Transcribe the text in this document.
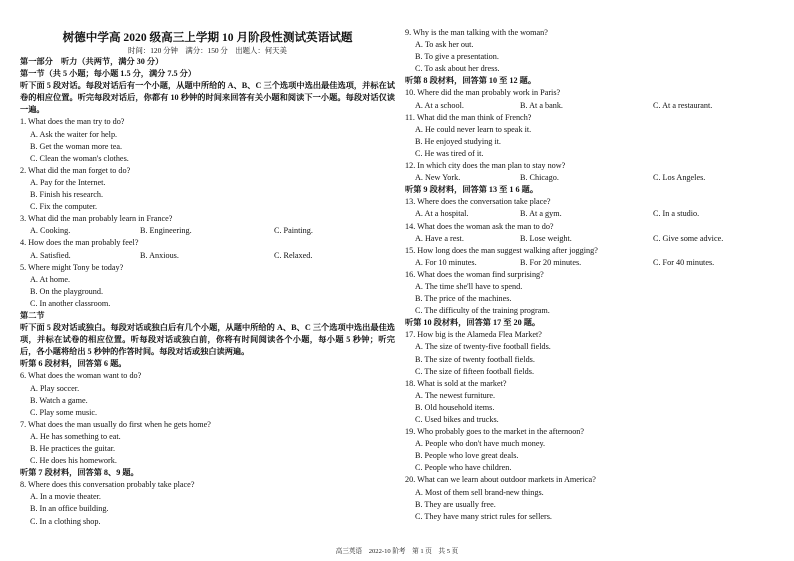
树德中学高 2020 级高三上学期 10 月阶段性测试英语试题
时间：120 分钟　满分：150 分　出题人：何天美
第一部分　听力（共两节，满分 30 分）
第一节（共 5 小题；每小题 1.5 分，满分 7.5 分）
听下面 5 段对话。每段对话后有一个小题，从题中所给的 A、B、C 三个选项中选出最佳选项，并标在试卷的相应位置。听完每段对话后，你都有 10 秒钟的时间来回答有关小题和阅读下一小题。每段对话仅读一遍。
1. What does the man try to do?
A. Ask the waiter for help.
B. Get the woman more tea.
C. Clean the woman's clothes.
2. What did the man forget to do?
A. Pay for the Internet.
B. Finish his research.
C. Fix the computer.
3. What did the man probably learn in France?
A. Cooking.	B. Engineering.	C. Painting.
4. How does the man probably feel?
A. Satisfied.	B. Anxious.	C. Relaxed.
5. Where might Tony be today?
A. At home.
B. On the playground.
C. In another classroom.
第二节
听下面 5 段对话或独白。每段对话或独白后有几个小题，从题中所给的 A、B、C 三个选项中选出最佳选项，并标在试卷的相应位置。听每段对话或独白前，你将有时间阅读各个小题，每小题 5 秒钟；听完后，各小题将给出 5 秒钟的作答时间。每段对话或独白读两遍。
听第 6 段材料，回答第 6 题。
6. What does the woman want to do?
A. Play soccer.
B. Watch a game.
C. Play some music.
7. What does the man usually do first when he gets home?
A. He has something to eat.
B. He practices the guitar.
C. He does his homework.
听第 7 段材料，回答第 8、9 题。
8. Where does this conversation probably take place?
A. In a movie theater.
B. In an office building.
C. In a clothing shop.
9. Why is the man talking with the woman?
A. To ask her out.
B. To give a presentation.
C. To ask about her dress.
听第 8 段材料，回答第 10 至 12 题。
10. Where did the man probably work in Paris?
A. At a school.	B. At a bank.	C. At a restaurant.
11. What did the man think of French?
A. He could never learn to speak it.
B. He enjoyed studying it.
C. He was tired of it.
12. In which city does the man plan to stay now?
A. New York.	B. Chicago.	C. Los Angeles.
听第 9 段材料，回答第 13 至 1 6 题。
13. Where does the conversation take place?
A. At a hospital.	B. At a gym.	C. In a studio.
14. What does the woman ask the man to do?
A. Have a rest.	B. Lose weight.	C. Give some advice.
15. How long does the man suggest walking after jogging?
A. For 10 minutes.	B. For 20 minutes.	C. For 40 minutes.
16. What does the woman find surprising?
A. The time she'll have to spend.
B. The price of the machines.
C. The difficulty of the training program.
听第 10 段材料，回答第 17 至 20 题。
17. How big is the Alameda Flea Market?
A. The size of twenty-five football fields.
B. The size of twenty football fields.
C. The size of fifteen football fields.
18. What is sold at the market?
A. The newest furniture.
B. Old household items.
C. Used bikes and trucks.
19. Who probably goes to the market in the afternoon?
A. People who don't have much money.
B. People who love great deals.
C. People who have children.
20. What can we learn about outdoor markets in America?
A. Most of them sell brand-new things.
B. They are usually free.
C. They have many strict rules for sellers.
高三英语　2022-10 阶考　第 1 页　共 5 页
